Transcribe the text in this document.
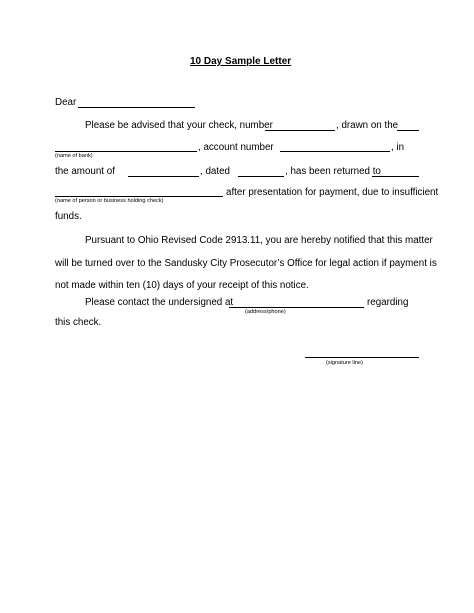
10 Day Sample Letter
Dear
Please be advised that your check, number	, drawn on the
, account number	, in
(name of bank)
the amount of	, dated	, has been returned to
after presentation for payment, due to insufficient
(name of person or business holding check)
funds.
Pursuant to Ohio Revised Code 2913.11, you are hereby notified that this matter
will be turned over to the Sandusky City Prosecutor’s Office for legal action if payment is
not made within ten (10) days of your receipt of this notice.
Please contact the undersigned at	regarding
(address/phone)
this check.
(signature line)
